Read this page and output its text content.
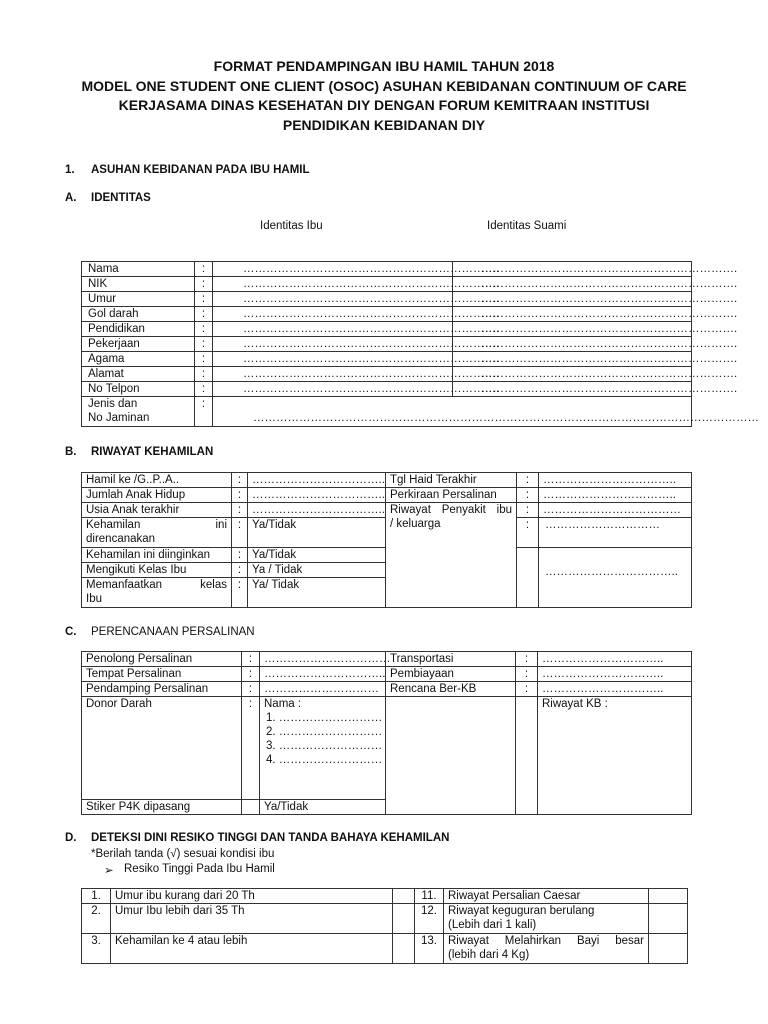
FORMAT PENDAMPINGAN IBU HAMIL TAHUN 2018
MODEL ONE STUDENT ONE CLIENT (OSOC) ASUHAN KEBIDANAN CONTINUUM OF CARE
KERJASAMA DINAS KESEHATAN DIY DENGAN FORUM KEMITRAAN INSTITUSI
PENDIDIKAN KEBIDANAN DIY
1. ASUHAN KEBIDANAN PADA IBU HAMIL
A. IDENTITAS
Identitas Ibu	Identitas Suami
Nama	:	………………………………………………………….	………………………………………………………….
NIK	:	………………………………………………………….	………………………………………………………….
Umur	:	………………………………………………………….	………………………………………………………….
Gol darah	:	………………………………………………………….	………………………………………………………….
Pendidikan	:	………………………………………………………….	………………………………………………………….
Pekerjaan	:	………………………………………………………….	………………………………………………………….
Agama	:	………………………………………………………….	………………………………………………………….
Alamat	:	………………………………………………………….	………………………………………………………….
No Telpon	:	………………………………………………………….	………………………………………………………….

Jenis dan
No Jaminan	:	……………………………………………………………………………………………………………………	
B. RIWAYAT KEHAMILAN
Hamil ke /G..P..A..	:	……………………………..	Tgl Haid Terakhir	:	……………………………..
Jumlah Anak Hidup	:	……………………………..	Perkiraan Persalinan	:	……………………………..
Usia Anak terakhir	:	……………………………..	Riwayat Penyakit ibu
/ keluarga	:	………………………………

Kehamilan ini
direncanakan	:	Ya/Tidak		:	…………………………
Kehamilan ini diinginkan	:	Ya/Tidak			……………………………..
Mengikuti Kelas Ibu	:	Ya / Tidak			

Memanfaatkan kelas
Ibu	:	Ya/ Tidak			
C. PERENCANAAN PERSALINAN
Penolong Persalinan	:	……………………………	Transportasi	:	…………………………..
Tempat Persalinan	:	…………………………..	Pembiayaan	:	…………………………..
Pendamping Persalinan	:	…………………………	Rencana Ber-KB	:	…………………………..
Donor Darah	:	Nama :
1. ………………………
2. ………………………
3. ………………………
4. ………………………			Riwayat KB :
Stiker P4K dipasang		Ya/Tidak			
D. DETEKSI DINI RESIKO TINGGI DAN TANDA BAHAYA KEHAMILAN
*Berilah tanda (√) sesuai kondisi ibu
➢ Resiko Tinggi Pada Ibu Hamil
1.	Umur ibu kurang dari 20 Th		11.	Riwayat Persalian Caesar	

2.	Umur Ibu lebih dari 35 Th		12.	Riwayat keguguran berulang
(Lebih dari 1 kali)	

3.	Kehamilan ke 4 atau lebih		13.	Riwayat Melahirkan Bayi besar
(lebih dari 4 Kg)	
